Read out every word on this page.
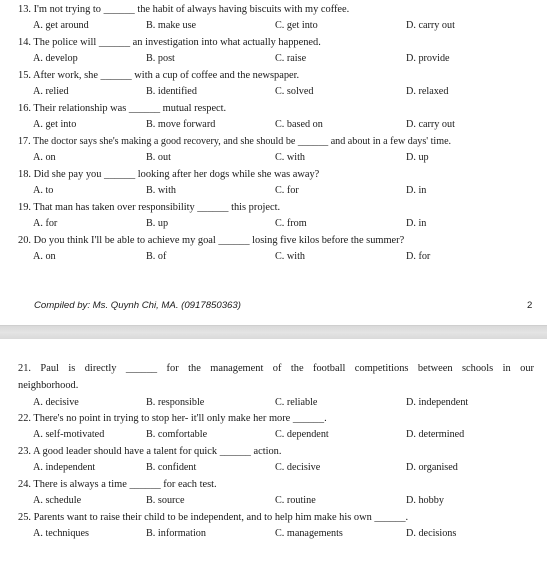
13. I'm not trying to ______ the habit of always having biscuits with my coffee.
A. get around	B. make use	C. get into	D. carry out
14. The police will ______ an investigation into what actually happened.
A. develop	B. post	C. raise	D. provide
15. After work, she ______ with a cup of coffee and the newspaper.
A. relied	B. identified	C. solved	D. relaxed
16. Their relationship was ______ mutual respect.
A. get into	B. move forward	C. based on	D. carry out
17. The doctor says she's making a good recovery, and she should be ______ and about in a few days' time.
A. on	B. out	C. with	D. up
18. Did she pay you ______ looking after her dogs while she was away?
A. to	B. with	C. for	D. in
19. That man has taken over responsibility ______ this project.
A. for	B. up	C. from	D. in
20. Do you think I'll be able to achieve my goal ______ losing five kilos before the summer?
A. on	B. of	C. with	D. for
Compiled by: Ms. Quynh Chi, MA. (0917850363)	2
21. Paul is directly ______ for the management of the football competitions between schools in our
neighborhood.
A. decisive	B. responsible	C. reliable	D. independent
22. There's no point in trying to stop her- it'll only make her more ______.
A. self-motivated	B. comfortable	C. dependent	D. determined
23. A good leader should have a talent for quick ______ action.
A. independent	B. confident	C. decisive	D. organised
24. There is always a time ______ for each test.
A. schedule	B. source	C. routine	D. hobby
25. Parents want to raise their child to be independent, and to help him make his own ______.
A. techniques	B. information	C. managements	D. decisions
